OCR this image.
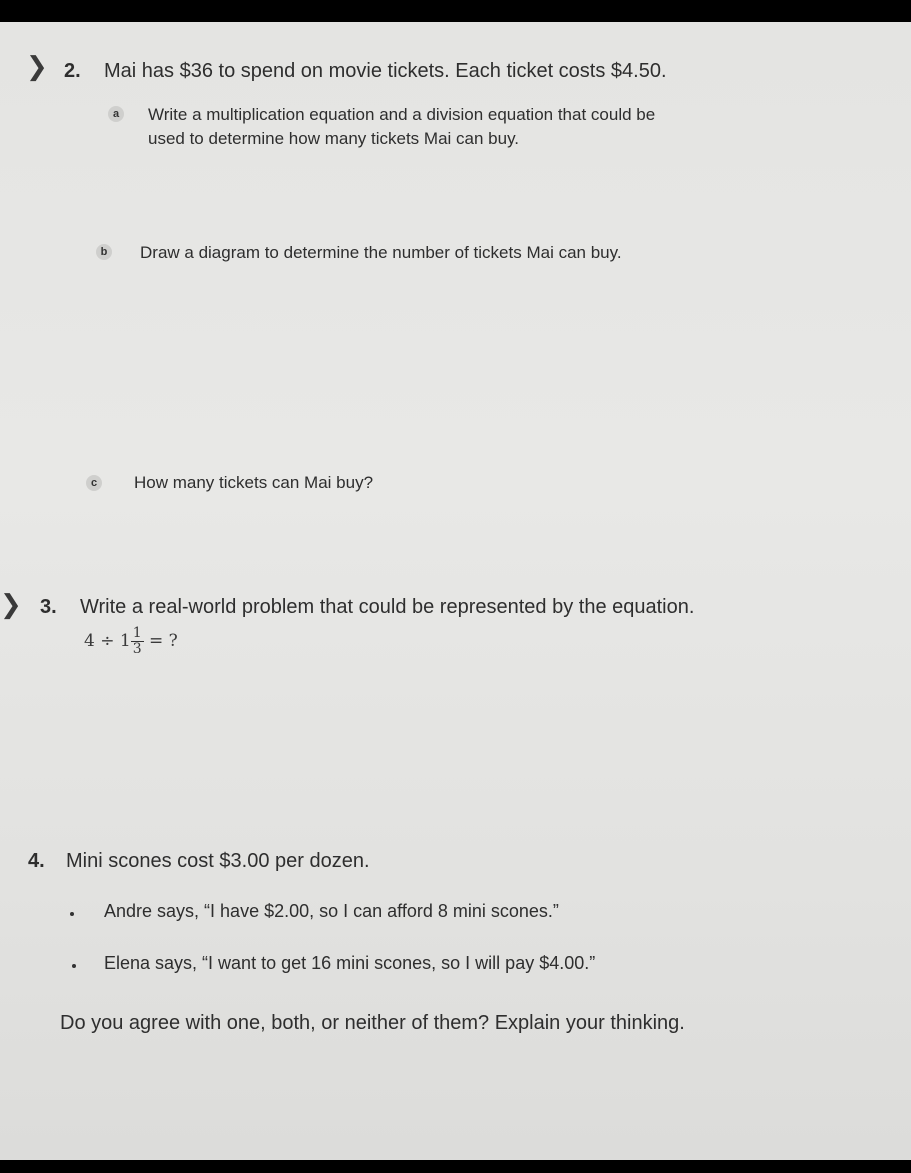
❯ 2. Mai has $36 to spend on movie tickets. Each ticket costs $4.50.
a Write a multiplication equation and a division equation that could be
used to determine how many tickets Mai can buy.
b Draw a diagram to determine the number of tickets Mai can buy.
c How many tickets can Mai buy?
❯ 3. Write a real-world problem that could be represented by the equation.
$4 \div 1 \frac{1}{3}$ = ?
4. Mini scones cost $3.00 per dozen.
Andre says, “I have $2.00, so I can afford 8 mini scones.”
Elena says, “I want to get 16 mini scones, so I will pay $4.00.”
Do you agree with one, both, or neither of them? Explain your thinking.
